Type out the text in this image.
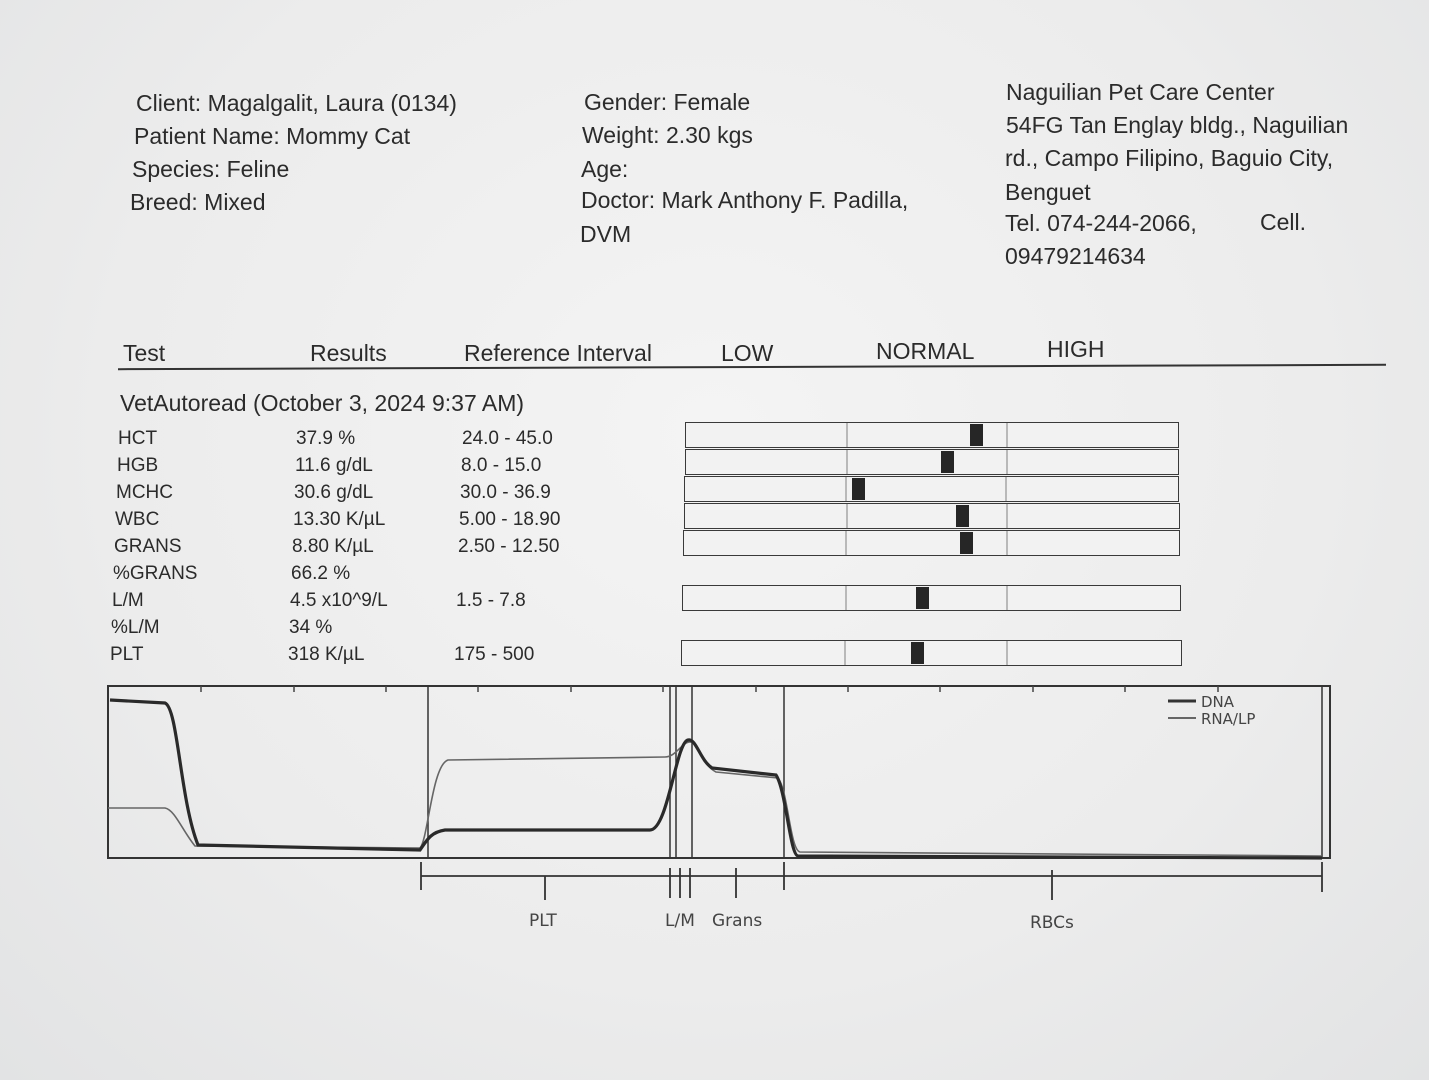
Client: Magalgalit, Laura (0134)
Patient Name: Mommy Cat
Species: Feline
Breed: Mixed
Gender: Female
Weight: 2.30 kgs
Age:
Doctor: Mark Anthony F. Padilla,
DVM
Naguilian Pet Care Center
54FG Tan Englay bldg., Naguilian
rd., Campo Filipino, Baguio City,
Benguet
Tel. 074-244-2066,	Cell.
09479214634
Test	Results	Reference Interval	LOW	NORMAL	HIGH
VetAutoread (October 3, 2024 9:37 AM)
HCT	37.9 %	24.0 - 45.0
HGB	11.6 g/dL	8.0 - 15.0
MCHC	30.6 g/dL	30.0 - 36.9
WBC	13.30 K/µL	5.00 - 18.90
GRANS	8.80 K/µL	2.50 - 12.50
%GRANS	66.2 %
L/M	4.5 x10^9/L	1.5 - 7.8
%L/M	34 %
PLT	318 K/µL	175 - 500
DNA
RNA/LP
PLT	L/M Grans	RBCs
